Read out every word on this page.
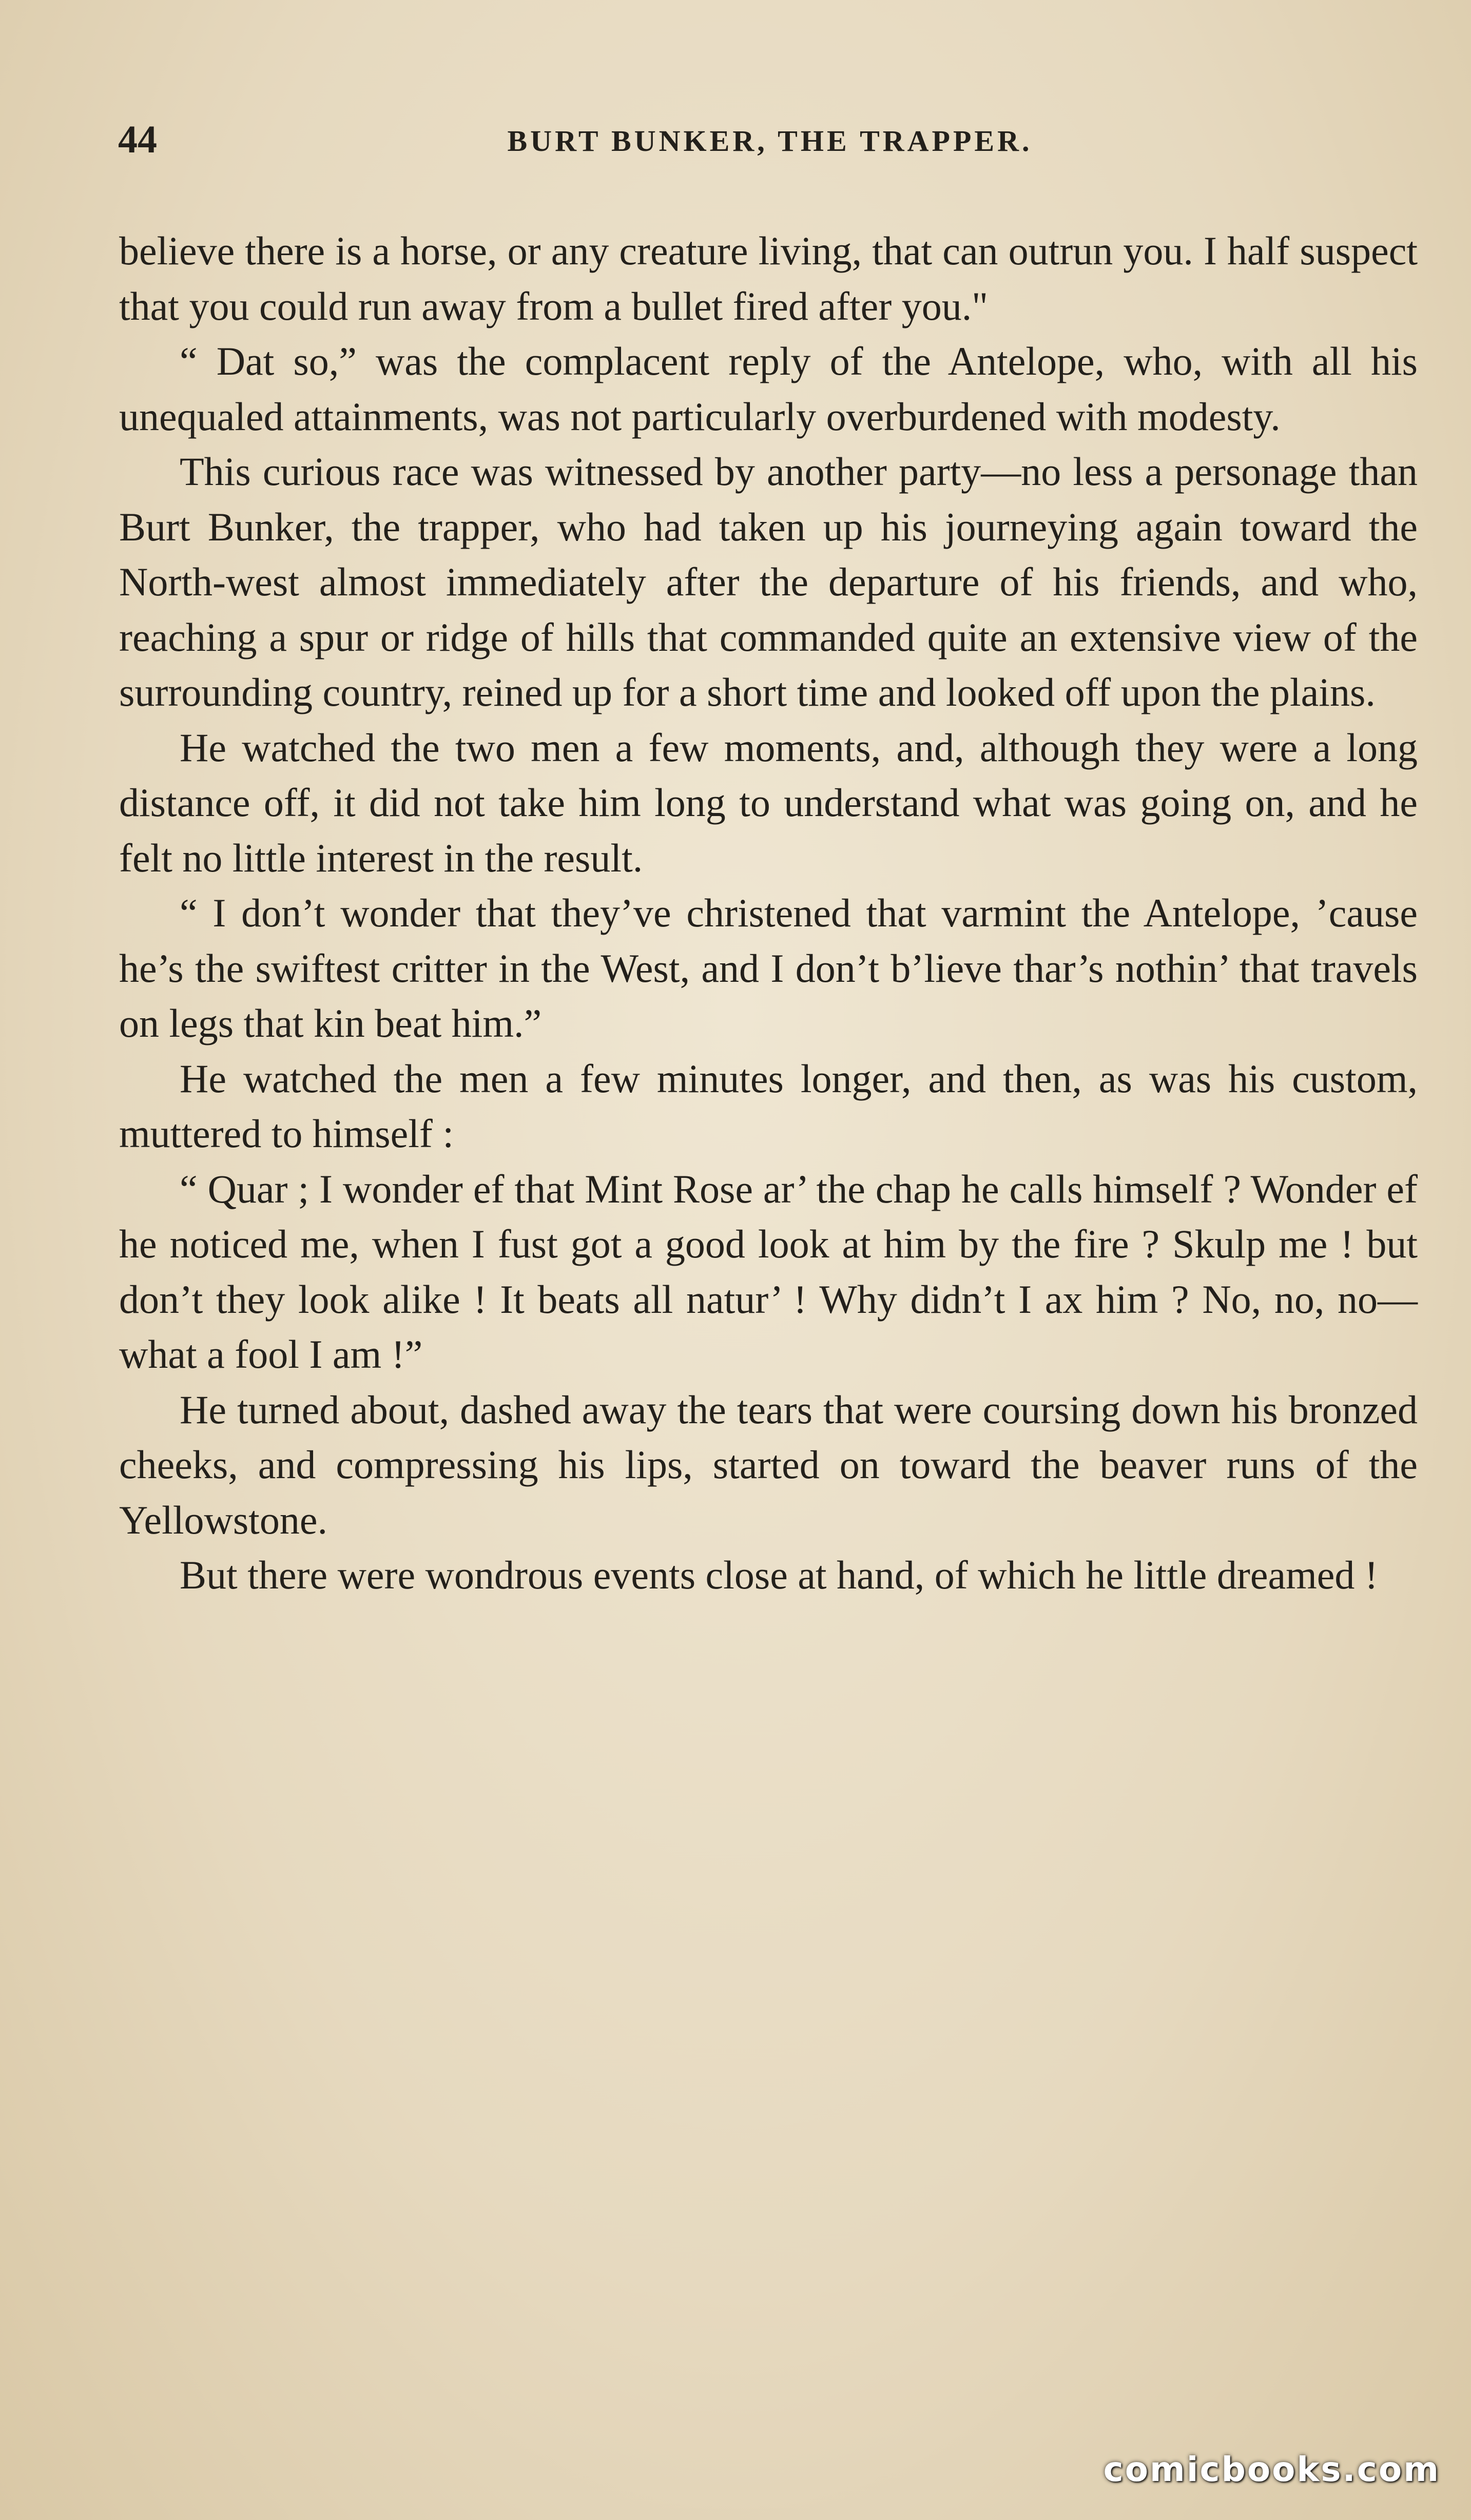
44	BURT BUNKER, THE TRAPPER.

believe there is a horse, or any creature living, that can outrun you. I half suspect that you could run away from a bullet fired after you."

“ Dat so,” was the complacent reply of the Antelope, who, with all his unequaled attainments, was not particularly overburdened with modesty.

This curious race was witnessed by another party—no less a personage than Burt Bunker, the trapper, who had taken up his journeying again toward the North-west almost immediately after the departure of his friends, and who, reaching a spur or ridge of hills that commanded quite an extensive view of the surrounding country, reined up for a short time and looked off upon the plains.

He watched the two men a few moments, and, although they were a long distance off, it did not take him long to understand what was going on, and he felt no little interest in the result.

“ I don’t wonder that they’ve christened that varmint the Antelope, ’cause he’s the swiftest critter in the West, and I don’t b’lieve thar’s nothin’ that travels on legs that kin beat him.”

He watched the men a few minutes longer, and then, as was his custom, muttered to himself :

“ Quar ; I wonder ef that Mint Rose ar’ the chap he calls himself ? Wonder ef he noticed me, when I fust got a good look at him by the fire ? Skulp me ! but don’t they look alike ! It beats all natur’ ! Why didn’t I ax him ? No, no, no—what a fool I am !”

He turned about, dashed away the tears that were coursing down his bronzed cheeks, and compressing his lips, started on toward the beaver runs of the Yellowstone.

But there were wondrous events close at hand, of which he little dreamed !

comicbooks.com
